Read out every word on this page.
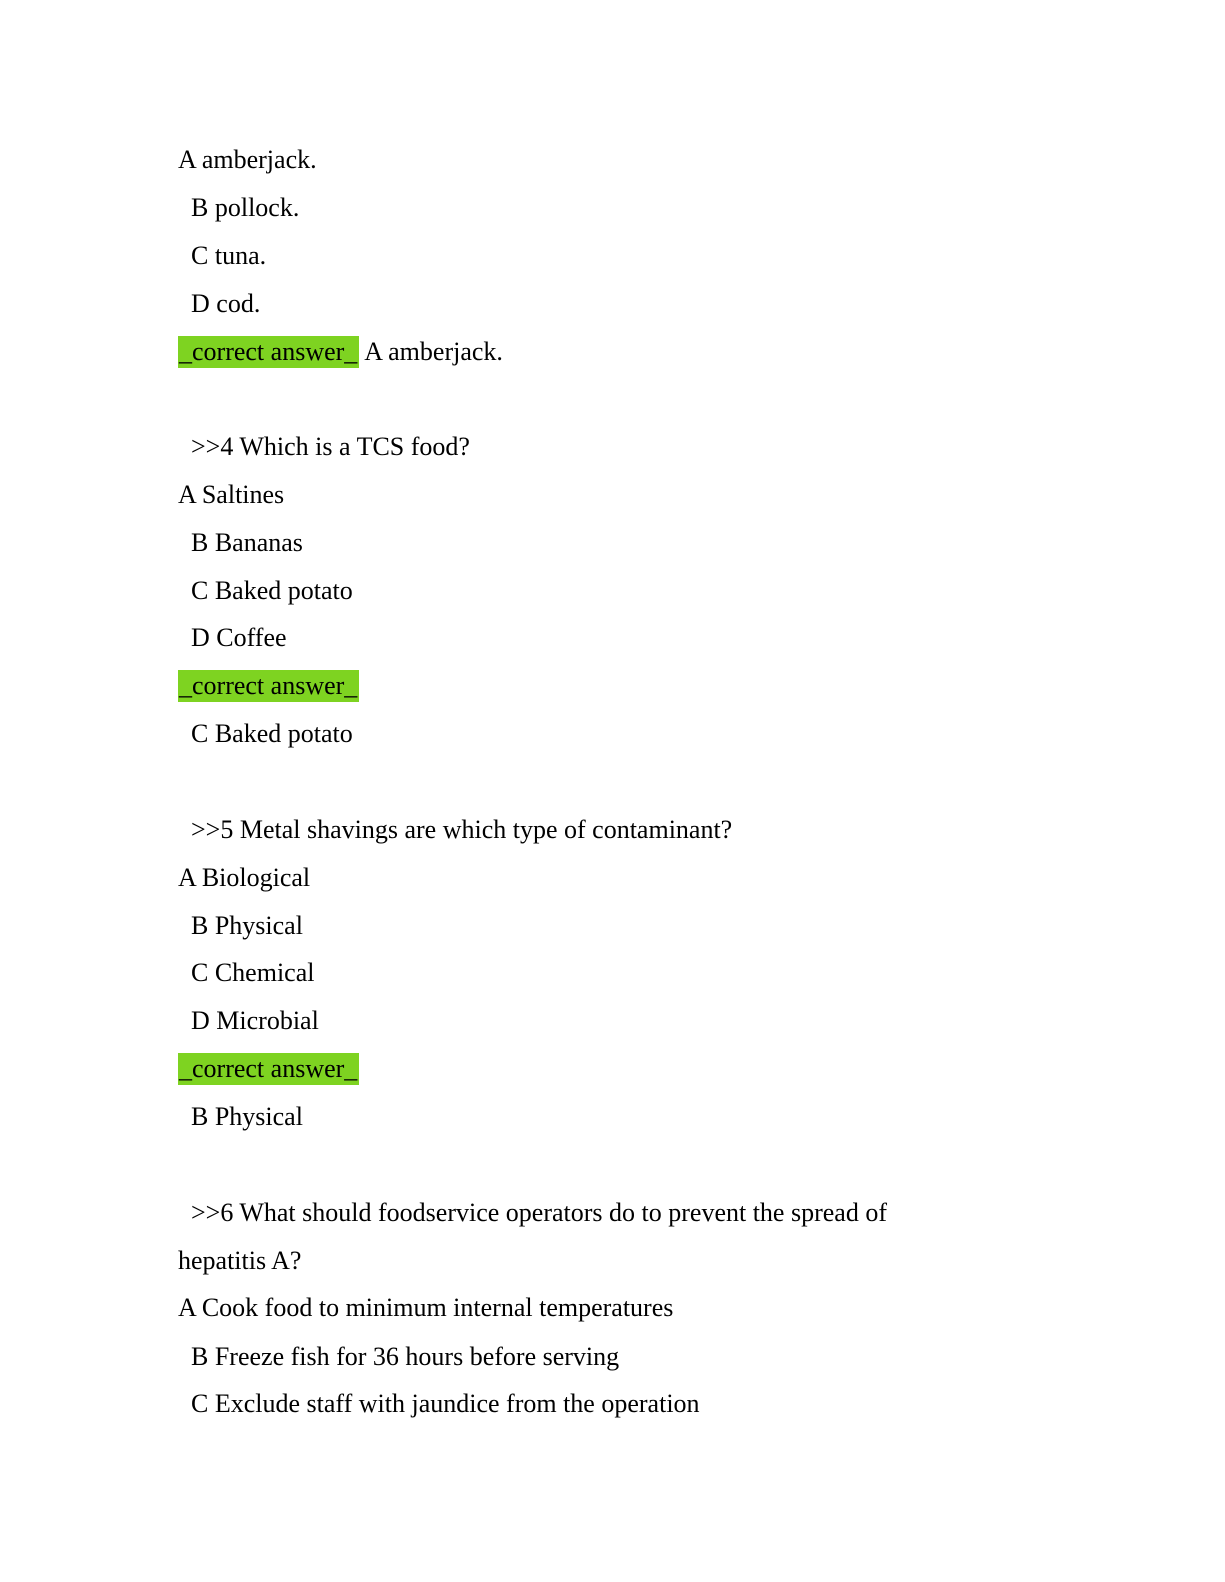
A amberjack.
B pollock.
C tuna.
D cod.
_correct answer_ A amberjack.
>>4 Which is a TCS food?
A Saltines
B Bananas
C Baked potato
D Coffee
_correct answer_
C Baked potato
>>5 Metal shavings are which type of contaminant?
A Biological
B Physical
C Chemical
D Microbial
_correct answer_
B Physical
>>6 What should foodservice operators do to prevent the spread of
hepatitis A?
A Cook food to minimum internal temperatures
B Freeze fish for 36 hours before serving
C Exclude staff with jaundice from the operation
